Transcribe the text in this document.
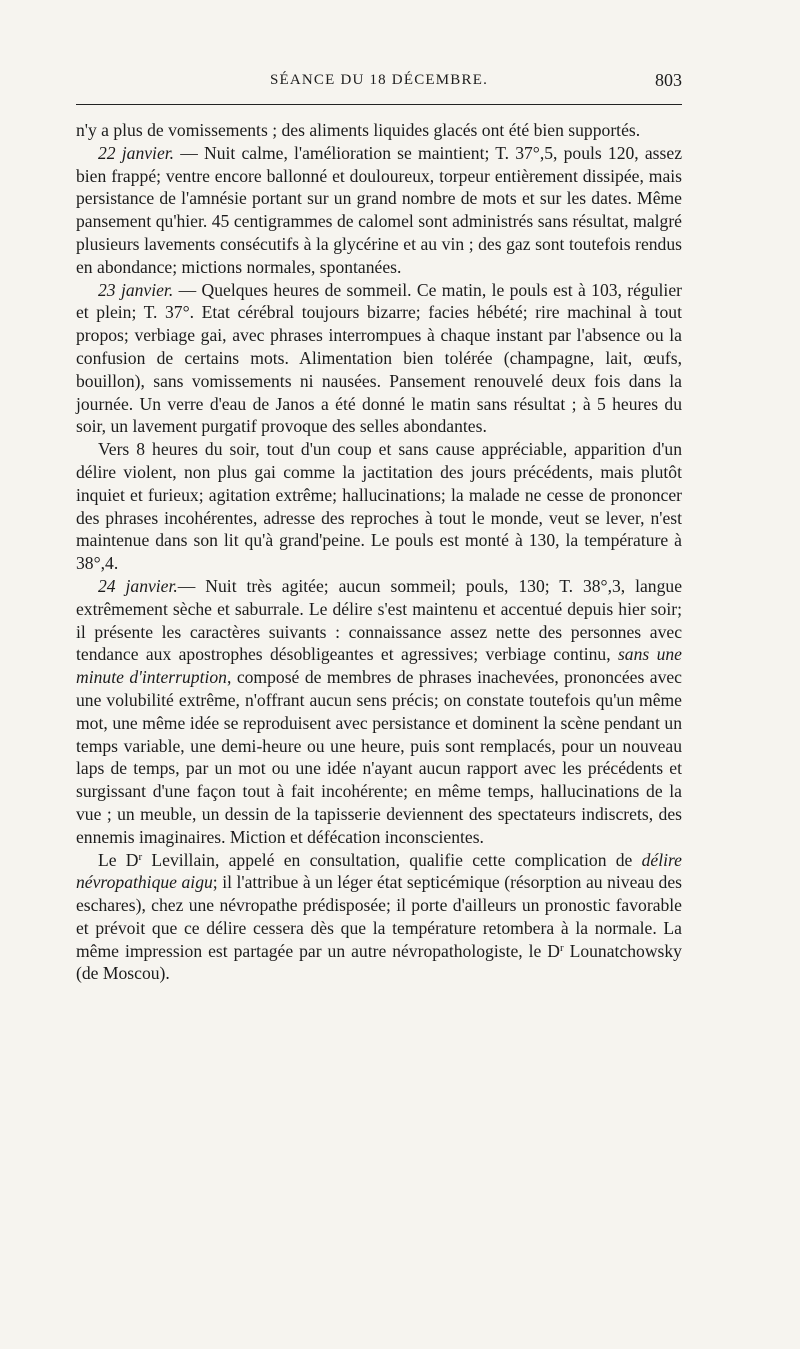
SÉANCE DU 18 DÉCEMBRE.	803

n'y a plus de vomissements ; des aliments liquides glacés ont été bien supportés.

22 janvier. — Nuit calme, l'amélioration se maintient; T. 37°,5, pouls 120, assez bien frappé; ventre encore ballonné et douloureux, torpeur entièrement dissipée, mais persistance de l'amnésie portant sur un grand nombre de mots et sur les dates. Même pansement qu'hier. 45 centigrammes de calomel sont administrés sans résultat, malgré plusieurs lavements consécutifs à la glycérine et au vin ; des gaz sont toutefois rendus en abondance; mictions normales, spontanées.

23 janvier. — Quelques heures de sommeil. Ce matin, le pouls est à 103, régulier et plein; T. 37°. Etat cérébral toujours bizarre; facies hébété; rire machinal à tout propos; verbiage gai, avec phrases interrompues à chaque instant par l'absence ou la confusion de certains mots. Alimentation bien tolérée (champagne, lait, œufs, bouillon), sans vomissements ni nausées. Pansement renouvelé deux fois dans la journée. Un verre d'eau de Janos a été donné le matin sans résultat ; à 5 heures du soir, un lavement purgatif provoque des selles abondantes.

Vers 8 heures du soir, tout d'un coup et sans cause appréciable, apparition d'un délire violent, non plus gai comme la jactitation des jours précédents, mais plutôt inquiet et furieux; agitation extrême; hallucinations; la malade ne cesse de prononcer des phrases incohérentes, adresse des reproches à tout le monde, veut se lever, n'est maintenue dans son lit qu'à grand'peine. Le pouls est monté à 130, la température à 38°,4.

24 janvier.— Nuit très agitée; aucun sommeil; pouls, 130; T. 38°,3, langue extrêmement sèche et saburrale. Le délire s'est maintenu et accentué depuis hier soir; il présente les caractères suivants : connaissance assez nette des personnes avec tendance aux apostrophes désobligeantes et agressives; verbiage continu, sans une minute d'interruption, composé de membres de phrases inachevées, prononcées avec une volubilité extrême, n'offrant aucun sens précis; on constate toutefois qu'un même mot, une même idée se reproduisent avec persistance et dominent la scène pendant un temps variable, une demi-heure ou une heure, puis sont remplacés, pour un nouveau laps de temps, par un mot ou une idée n'ayant aucun rapport avec les précédents et surgissant d'une façon tout à fait incohérente; en même temps, hallucinations de la vue ; un meuble, un dessin de la tapisserie deviennent des spectateurs indiscrets, des ennemis imaginaires. Miction et défécation inconscientes.

Le $D^r$ Levillain, appelé en consultation, qualifie cette complication de délire névropathique aigu; il l'attribue à un léger état septicémique (résorption au niveau des eschares), chez une névropathe prédisposée; il porte d'ailleurs un pronostic favorable et prévoit que ce délire cessera dès que la température retombera à la normale. La même impression est partagée par un autre névropathologiste, le $D^r$ Lounatchowsky (de Moscou).
